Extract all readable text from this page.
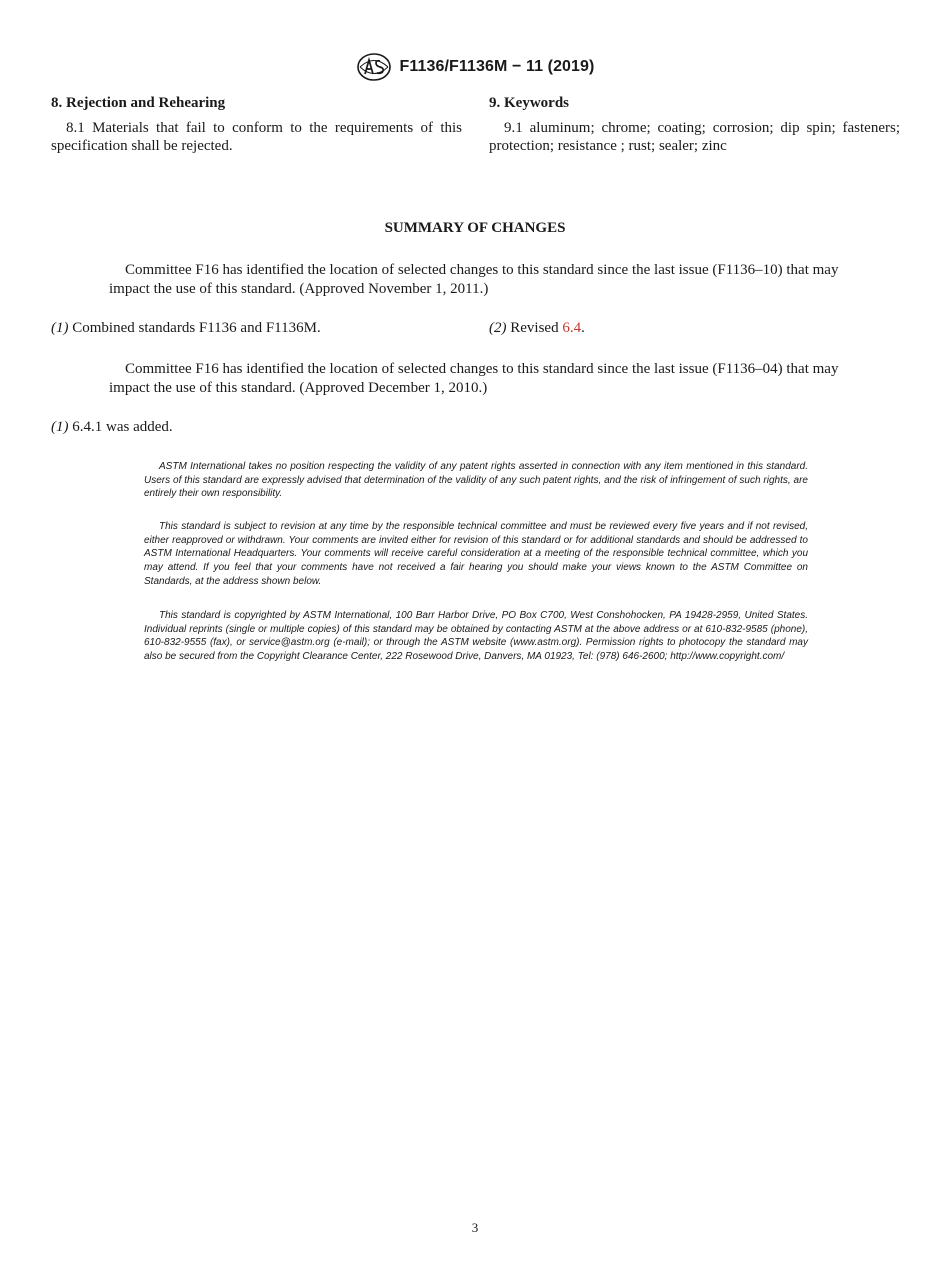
F1136/F1136M − 11 (2019)

8. Rejection and Rehearing

8.1 Materials that fail to conform to the requirements of this specification shall be rejected.

9. Keywords

9.1 aluminum; chrome; coating; corrosion; dip spin; fasteners; protection; resistance ; rust; sealer; zinc

SUMMARY OF CHANGES

Committee F16 has identified the location of selected changes to this standard since the last issue (F1136–10) that may impact the use of this standard. (Approved November 1, 2011.)

(1) Combined standards F1136 and F1136M.	(2) Revised 6.4.

Committee F16 has identified the location of selected changes to this standard since the last issue (F1136–04) that may impact the use of this standard. (Approved December 1, 2010.)

(1) 6.4.1 was added.

ASTM International takes no position respecting the validity of any patent rights asserted in connection with any item mentioned in this standard. Users of this standard are expressly advised that determination of the validity of any such patent rights, and the risk of infringement of such rights, are entirely their own responsibility.

This standard is subject to revision at any time by the responsible technical committee and must be reviewed every five years and if not revised, either reapproved or withdrawn. Your comments are invited either for revision of this standard or for additional standards and should be addressed to ASTM International Headquarters. Your comments will receive careful consideration at a meeting of the responsible technical committee, which you may attend. If you feel that your comments have not received a fair hearing you should make your views known to the ASTM Committee on Standards, at the address shown below.

This standard is copyrighted by ASTM International, 100 Barr Harbor Drive, PO Box C700, West Conshohocken, PA 19428-2959, United States. Individual reprints (single or multiple copies) of this standard may be obtained by contacting ASTM at the above address or at 610-832-9585 (phone), 610-832-9555 (fax), or service@astm.org (e-mail); or through the ASTM website (www.astm.org). Permission rights to photocopy the standard may also be secured from the Copyright Clearance Center, 222 Rosewood Drive, Danvers, MA 01923, Tel: (978) 646-2600; http://www.copyright.com/

3
